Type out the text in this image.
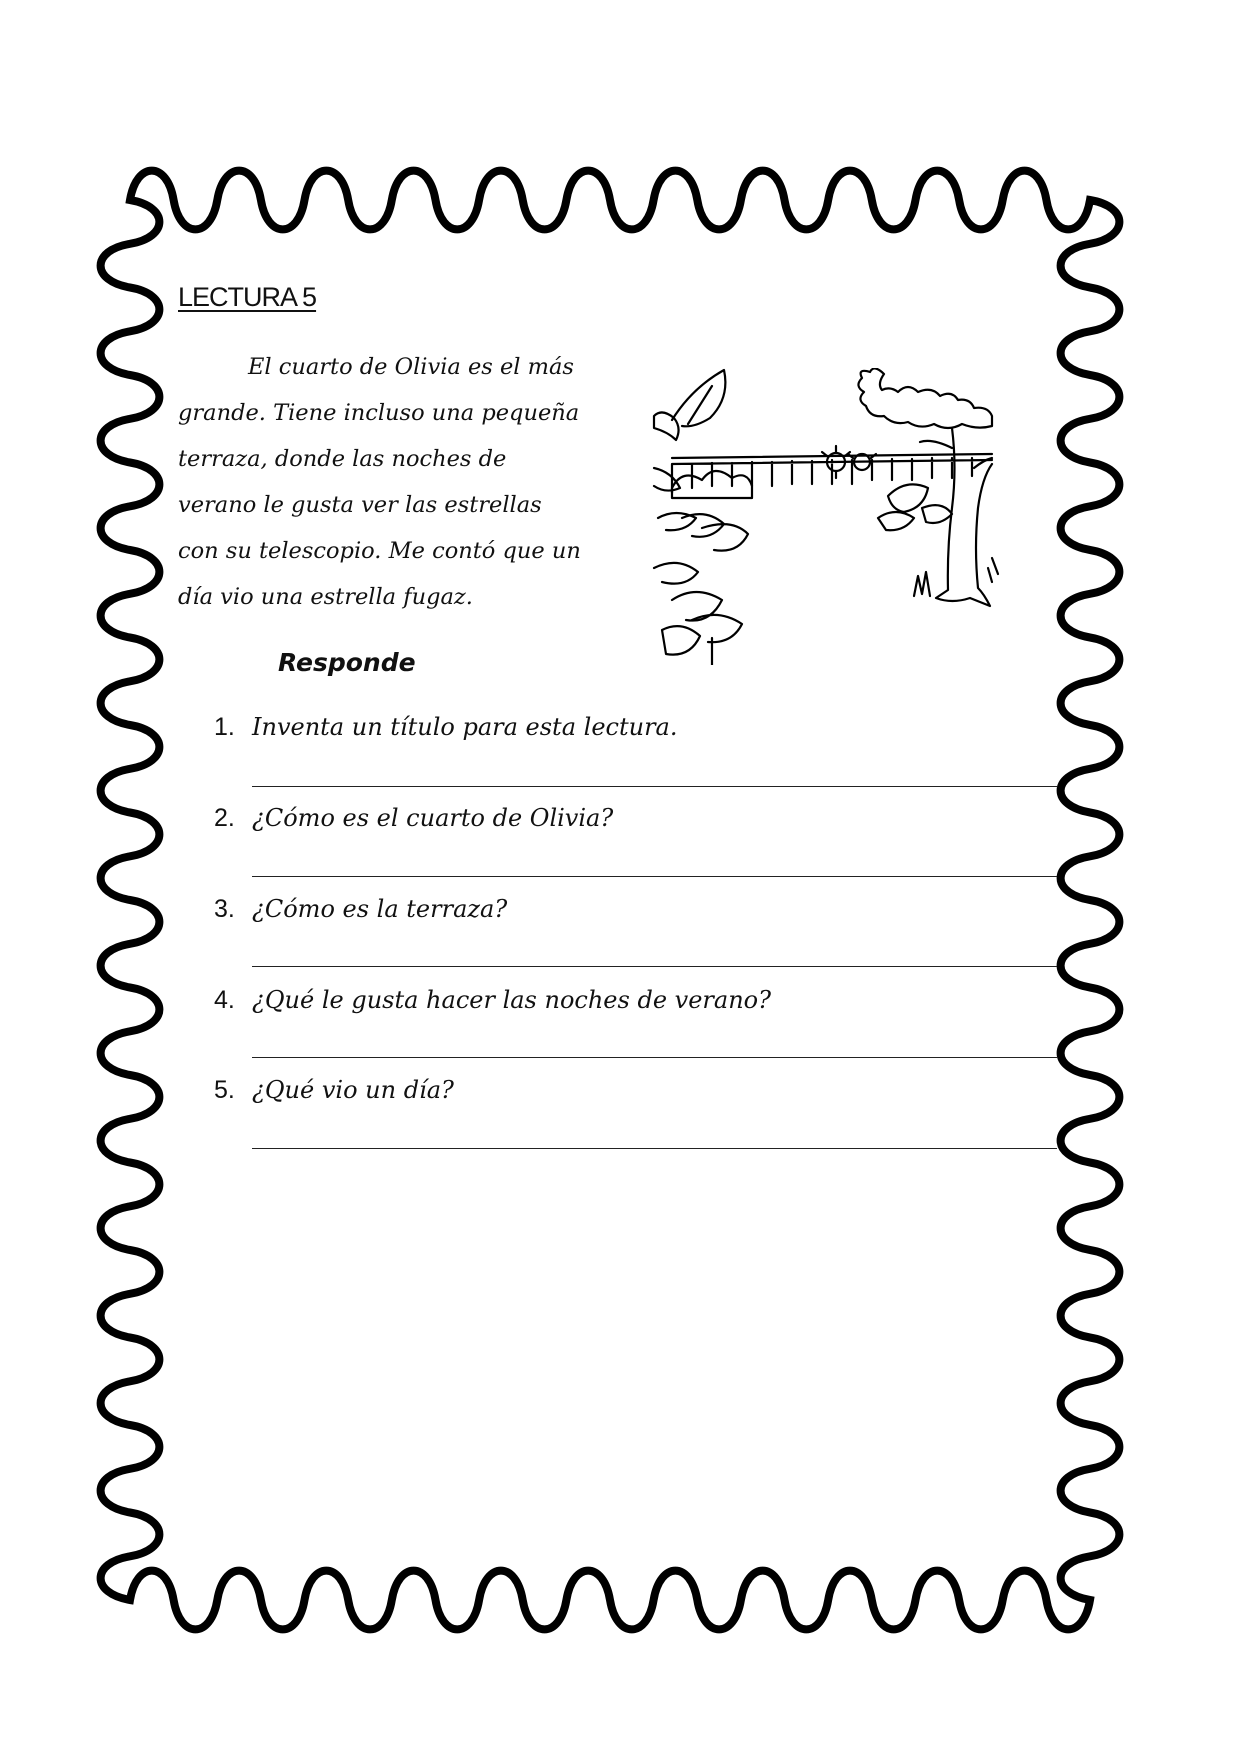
LECTURA 5
El cuarto de Olivia es el más
grande. Tiene incluso una pequeña
terraza, donde las noches de
verano le gusta ver las estrellas
con su telescopio. Me contó que un
día vio una estrella fugaz.
Responde
1. Inventa un título para esta lectura.
2. ¿Cómo es el cuarto de Olivia?
3. ¿Cómo es la terraza?
4. ¿Qué le gusta hacer las noches de verano?
5. ¿Qué vio un día?
